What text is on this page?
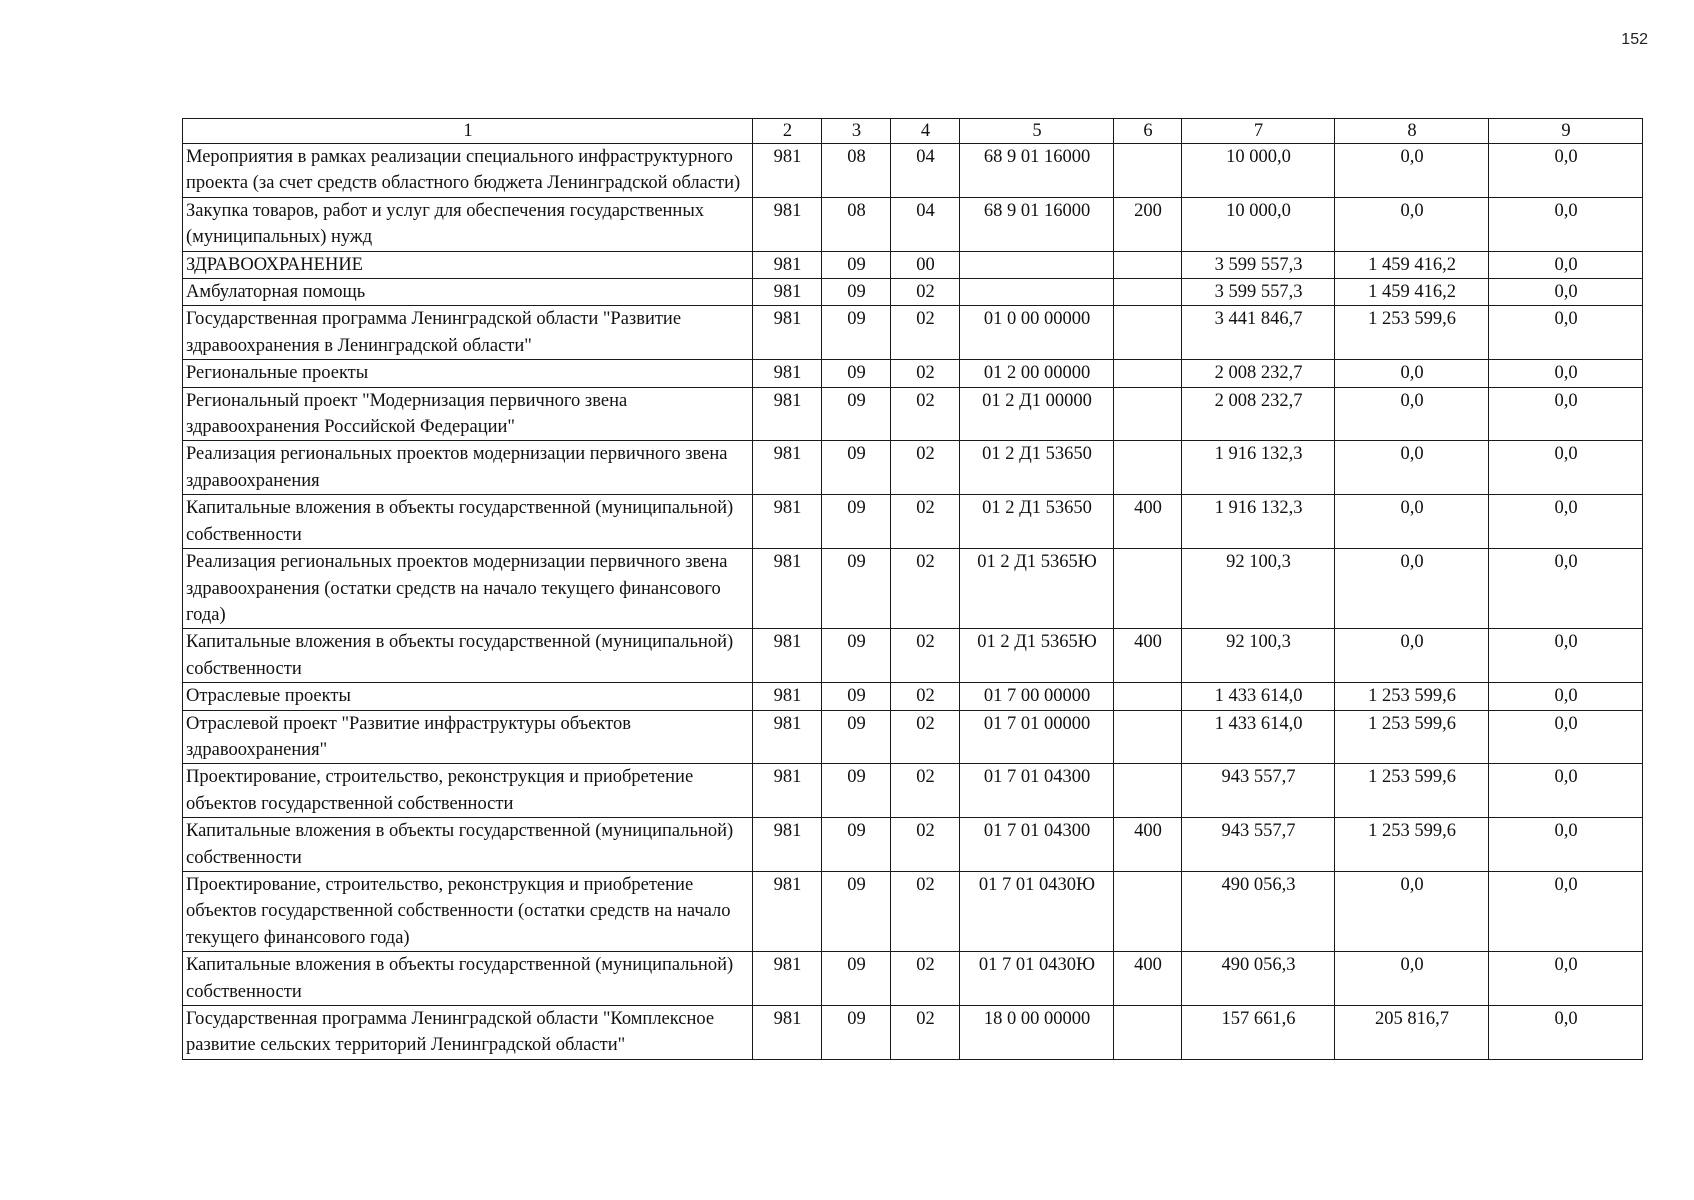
152
1	2	3	4	5	6	7	8	9
Мероприятия в рамках реализации специального инфраструктурного проекта (за счет средств областного бюджета Ленинградской области)	981	08	04	68 9 01 16000		10 000,0	0,0	0,0
Закупка товаров, работ и услуг для обеспечения государственных (муниципальных) нужд	981	08	04	68 9 01 16000	200	10 000,0	0,0	0,0
ЗДРАВООХРАНЕНИЕ	981	09	00			3 599 557,3	1 459 416,2	0,0
Амбулаторная помощь	981	09	02			3 599 557,3	1 459 416,2	0,0
Государственная программа Ленинградской области "Развитие здравоохранения в Ленинградской области"	981	09	02	01 0 00 00000		3 441 846,7	1 253 599,6	0,0
Региональные проекты	981	09	02	01 2 00 00000		2 008 232,7	0,0	0,0
Региональный проект "Модернизация первичного звена здравоохранения Российской Федерации"	981	09	02	01 2 Д1 00000		2 008 232,7	0,0	0,0
Реализация региональных проектов модернизации первичного звена здравоохранения	981	09	02	01 2 Д1 53650		1 916 132,3	0,0	0,0
Капитальные вложения в объекты государственной (муниципальной) собственности	981	09	02	01 2 Д1 53650	400	1 916 132,3	0,0	0,0
Реализация региональных проектов модернизации первичного звена здравоохранения (остатки средств на начало текущего финансового года)	981	09	02	01 2 Д1 5365Ю		92 100,3	0,0	0,0
Капитальные вложения в объекты государственной (муниципальной) собственности	981	09	02	01 2 Д1 5365Ю	400	92 100,3	0,0	0,0
Отраслевые проекты	981	09	02	01 7 00 00000		1 433 614,0	1 253 599,6	0,0
Отраслевой проект "Развитие инфраструктуры объектов здравоохранения"	981	09	02	01 7 01 00000		1 433 614,0	1 253 599,6	0,0
Проектирование, строительство, реконструкция и приобретение объектов государственной собственности	981	09	02	01 7 01 04300		943 557,7	1 253 599,6	0,0
Капитальные вложения в объекты государственной (муниципальной) собственности	981	09	02	01 7 01 04300	400	943 557,7	1 253 599,6	0,0
Проектирование, строительство, реконструкция и приобретение объектов государственной собственности (остатки средств на начало текущего финансового года)	981	09	02	01 7 01 0430Ю		490 056,3	0,0	0,0
Капитальные вложения в объекты государственной (муниципальной) собственности	981	09	02	01 7 01 0430Ю	400	490 056,3	0,0	0,0
Государственная программа Ленинградской области "Комплексное развитие сельских территорий Ленинградской области"	981	09	02	18 0 00 00000		157 661,6	205 816,7	0,0
